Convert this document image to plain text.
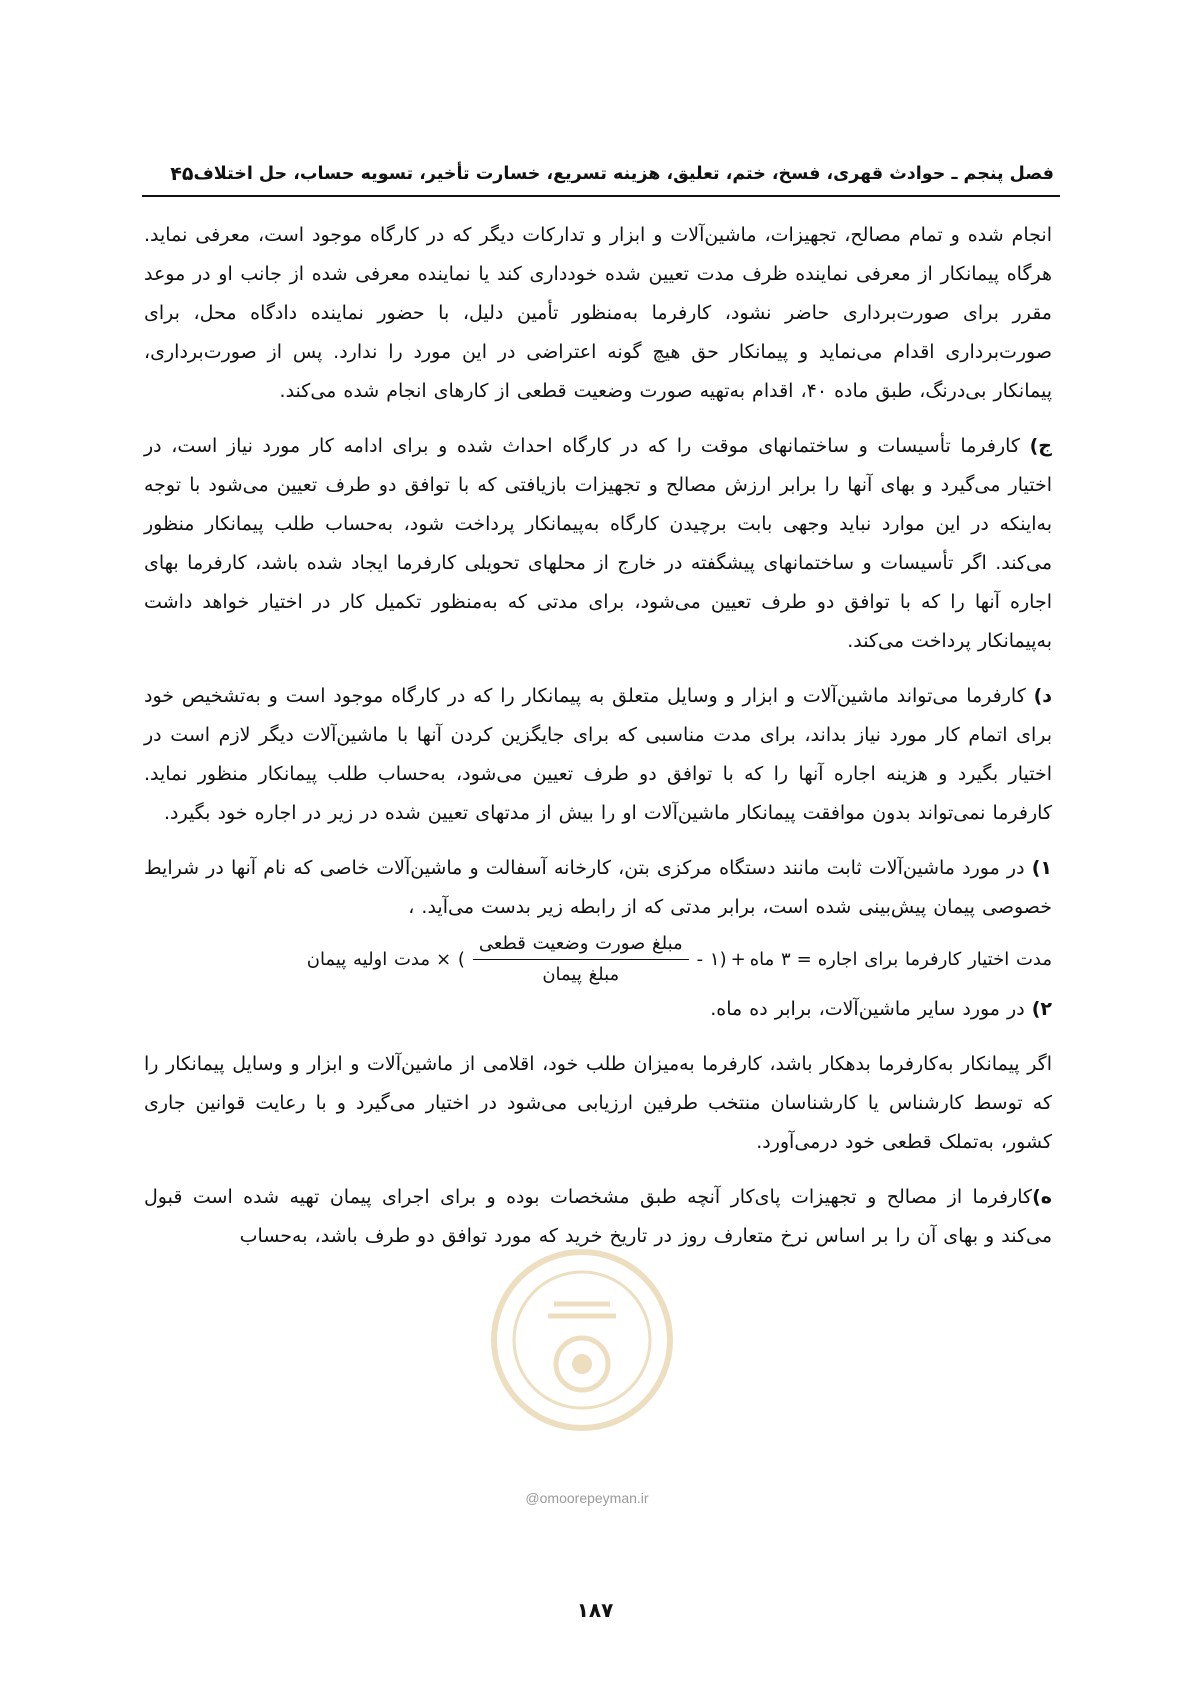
فصل پنجم ـ حوادث قهری، فسخ، ختم، تعلیق، هزینه تسریع، خسارت تأخیر، تسویه حساب، حل اختلاف
۴۵

انجام شده و تمام مصالح، تجهیزات، ماشین‌آلات و ابزار و تدارکات دیگر که در کارگاه موجود است، معرفی نماید. هرگاه پیمانکار از معرفی نماینده ظرف مدت تعیین شده خودداری کند یا نماینده معرفی شده از جانب او در موعد مقرر برای صورت‌برداری حاضر نشود، کارفرما به‌منظور تأمین دلیل، با حضور نماینده دادگاه محل، برای صورت‌برداری اقدام می‌نماید و پیمانکار حق هیچ گونه اعتراضی در این مورد را ندارد. پس از صورت‌برداری، پیمانکار بی‌درنگ، طبق ماده ۴۰، اقدام به‌تهیه صورت وضعیت قطعی از کارهای انجام شده می‌کند.

ج) کارفرما تأسیسات و ساختمانهای موقت را که در کارگاه احداث شده و برای ادامه کار مورد نیاز است، در اختیار می‌گیرد و بهای آنها را برابر ارزش مصالح و تجهیزات بازیافتی که با توافق دو طرف تعیین می‌شود با توجه به‌اینکه در این موارد نباید وجهی بابت برچیدن کارگاه به‌پیمانکار پرداخت شود، به‌حساب طلب پیمانکار منظور می‌کند. اگر تأسیسات و ساختمانهای پیشگفته در خارج از محلهای تحویلی کارفرما ایجاد شده باشد، کارفرما بهای اجاره آنها را که با توافق دو طرف تعیین می‌شود، برای مدتی که به‌منظور تکمیل کار در اختیار خواهد داشت به‌پیمانکار پرداخت می‌کند.

د) کارفرما می‌تواند ماشین‌آلات و ابزار و وسایل متعلق به پیمانکار را که در کارگاه موجود است و به‌تشخیص خود برای اتمام کار مورد نیاز بداند، برای مدت مناسبی که برای جایگزین کردن آنها با ماشین‌آلات دیگر لازم است در اختیار بگیرد و هزینه اجاره آنها را که با توافق دو طرف تعیین می‌شود، به‌حساب طلب پیمانکار منظور نماید. کارفرما نمی‌تواند بدون موافقت پیمانکار ماشین‌آلات او را بیش از مدتهای تعیین شده در زیر در اجاره خود بگیرد.

۱) در مورد ماشین‌آلات ثابت مانند دستگاه مرکزی بتن، کارخانه آسفالت و ماشین‌آلات خاصی که نام آنها در شرایط خصوصی پیمان پیش‌بینی شده است، برابر مدتی که از رابطه زیر بدست می‌آید. ،

مدت اختیار کارفرما برای اجاره
=
۳ ماه
+
(۱ -
$\frac{\text{مبلغ صورت وضعیت قطعی}}{\text{مبلغ پیمان}}$
) ×
مدت اولیه پیمان

۲) در مورد سایر ماشین‌آلات، برابر ده ماه.

اگر پیمانکار به‌کارفرما بدهکار باشد، کارفرما به‌میزان طلب خود، اقلامی از ماشین‌آلات و ابزار و وسایل پیمانکار را که توسط کارشناس یا کارشناسان منتخب طرفین ارزیابی می‌شود در اختیار می‌گیرد و با رعایت قوانین جاری کشور، به‌تملک قطعی خود درمی‌آورد.

ه)کارفرما از مصالح و تجهیزات پای‌کار آنچه طبق مشخصات بوده و برای اجرای پیمان تهیه شده است قبول می‌کند و بهای آن را بر اساس نرخ متعارف روز در تاریخ خرید که مورد توافق دو طرف باشد، به‌حساب

@omoorepeyman.ir
۱۸۷
